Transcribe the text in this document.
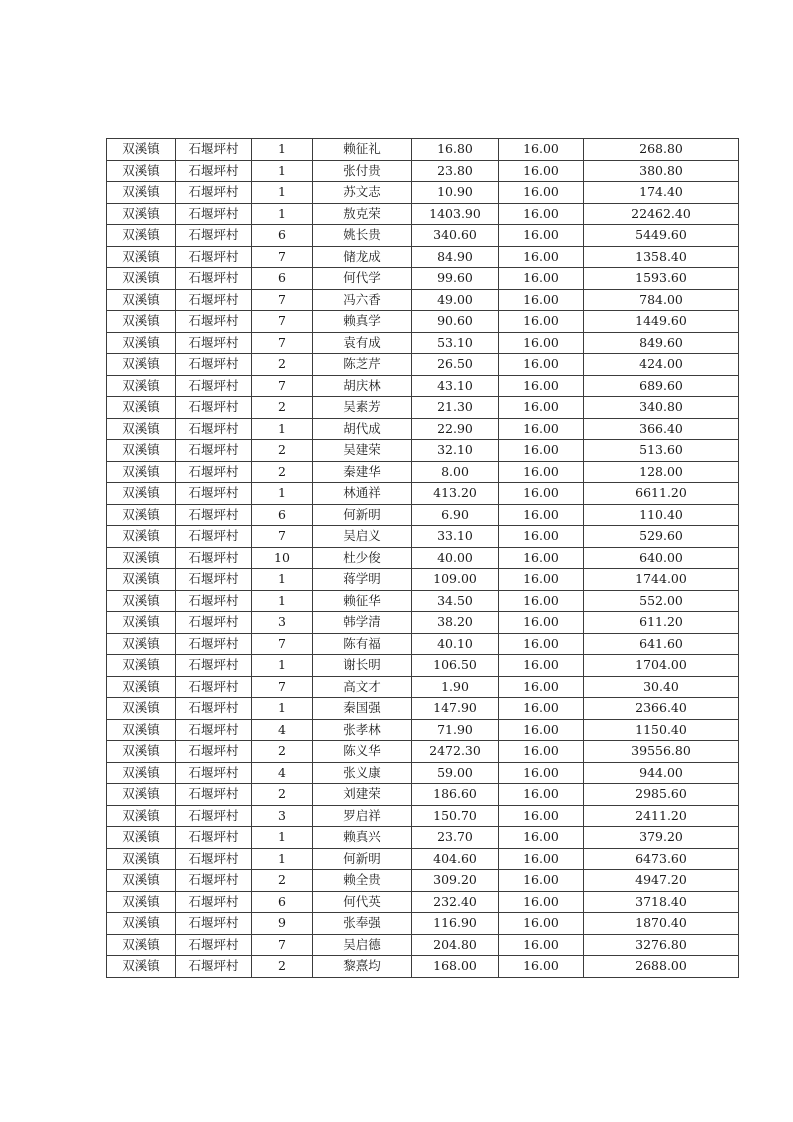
双溪镇	石堰坪村	1	赖征礼	16.80	16.00	268.80
双溪镇	石堰坪村	1	张付贵	23.80	16.00	380.80
双溪镇	石堰坪村	1	苏文志	10.90	16.00	174.40
双溪镇	石堰坪村	1	敖克荣	1403.90	16.00	22462.40
双溪镇	石堰坪村	6	姚长贵	340.60	16.00	5449.60
双溪镇	石堰坪村	7	储龙成	84.90	16.00	1358.40
双溪镇	石堰坪村	6	何代学	99.60	16.00	1593.60
双溪镇	石堰坪村	7	冯六香	49.00	16.00	784.00
双溪镇	石堰坪村	7	赖真学	90.60	16.00	1449.60
双溪镇	石堰坪村	7	袁有成	53.10	16.00	849.60
双溪镇	石堰坪村	2	陈芝芹	26.50	16.00	424.00
双溪镇	石堰坪村	7	胡庆林	43.10	16.00	689.60
双溪镇	石堰坪村	2	吴素芳	21.30	16.00	340.80
双溪镇	石堰坪村	1	胡代成	22.90	16.00	366.40
双溪镇	石堰坪村	2	吴建荣	32.10	16.00	513.60
双溪镇	石堰坪村	2	秦建华	8.00	16.00	128.00
双溪镇	石堰坪村	1	林通祥	413.20	16.00	6611.20
双溪镇	石堰坪村	6	何新明	6.90	16.00	110.40
双溪镇	石堰坪村	7	吴启义	33.10	16.00	529.60
双溪镇	石堰坪村	10	杜少俊	40.00	16.00	640.00
双溪镇	石堰坪村	1	蒋学明	109.00	16.00	1744.00
双溪镇	石堰坪村	1	赖征华	34.50	16.00	552.00
双溪镇	石堰坪村	3	韩学清	38.20	16.00	611.20
双溪镇	石堰坪村	7	陈有福	40.10	16.00	641.60
双溪镇	石堰坪村	1	谢长明	106.50	16.00	1704.00
双溪镇	石堰坪村	7	高文才	1.90	16.00	30.40
双溪镇	石堰坪村	1	秦国强	147.90	16.00	2366.40
双溪镇	石堰坪村	4	张孝林	71.90	16.00	1150.40
双溪镇	石堰坪村	2	陈义华	2472.30	16.00	39556.80
双溪镇	石堰坪村	4	张义康	59.00	16.00	944.00
双溪镇	石堰坪村	2	刘建荣	186.60	16.00	2985.60
双溪镇	石堰坪村	3	罗启祥	150.70	16.00	2411.20
双溪镇	石堰坪村	1	赖真兴	23.70	16.00	379.20
双溪镇	石堰坪村	1	何新明	404.60	16.00	6473.60
双溪镇	石堰坪村	2	赖全贵	309.20	16.00	4947.20
双溪镇	石堰坪村	6	何代英	232.40	16.00	3718.40
双溪镇	石堰坪村	9	张奉强	116.90	16.00	1870.40
双溪镇	石堰坪村	7	吴启德	204.80	16.00	3276.80
双溪镇	石堰坪村	2	黎熹均	168.00	16.00	2688.00
